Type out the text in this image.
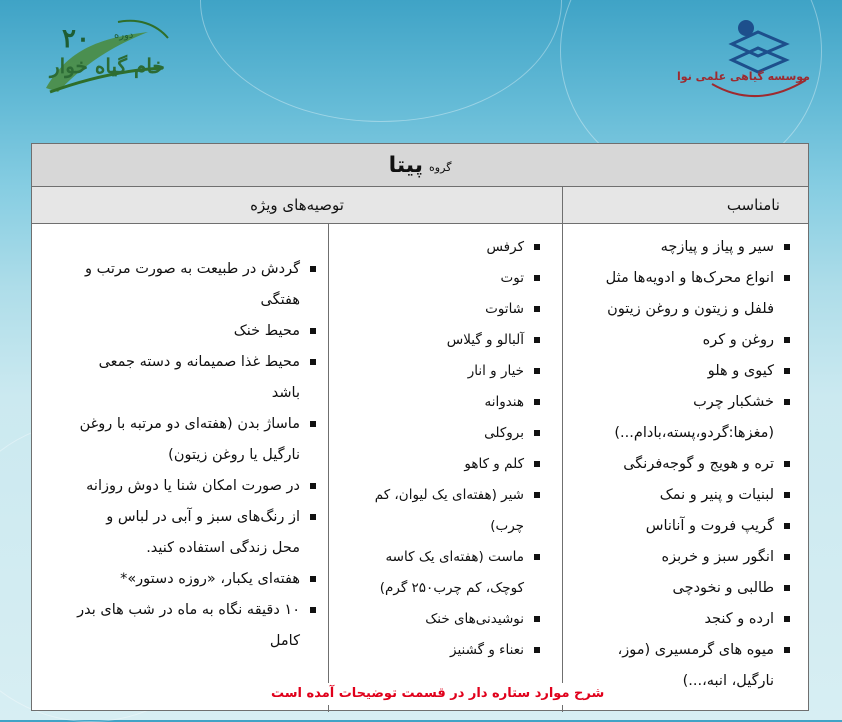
۲۰ دوره
خام گیاه خوار	موسسه گیاهی علمی نوا
گروه
پیتا
نامناسب
توصیه‌های ویژه
سیر و پیاز و پیازچه
انواع محرک‌ها و ادویه‌ها مثل
فلفل و زیتون و روغن زیتون
روغن و کره
کیوی و هلو
خشکبار چرب
(مغزها:گردو،پسته،بادام...)
تره و هویج و گوجه‌فرنگی
لبنیات و پنیر و نمک
گریپ فروت و آناناس
انگور سبز و خربزه
طالبی و نخودچی
ارده و کنجد
میوه های گرمسیری (موز،
نارگیل، انبه،...)
کرفس
توت
شاتوت
آلبالو و گیلاس
خیار و انار
هندوانه
بروکلی
کلم و کاهو
شیر (هفته‌ای یک لیوان، کم
چرب)
ماست (هفته‌ای یک کاسه
کوچک، کم چرب۲۵۰ گرم)
نوشیدنی‌های خنک
نعناء و گشنیز
گردش در طبیعت به صورت مرتب و
هفتگی
محیط خنک
محیط غذا صمیمانه و دسته جمعی
باشد
ماساژ بدن (هفته‌ای دو مرتبه با روغن
نارگیل یا روغن زیتون)
در صورت امکان شنا یا دوش روزانه
از رنگ‌های سبز و آبی در لباس و
محل زندگی استفاده کنید.
هفته‌ای یکبار، «روزه دستور»*
۱۰ دقیقه نگاه به ماه در شب های بدر
کامل
شرح موارد ستاره دار در قسمت توضیحات آمده است
